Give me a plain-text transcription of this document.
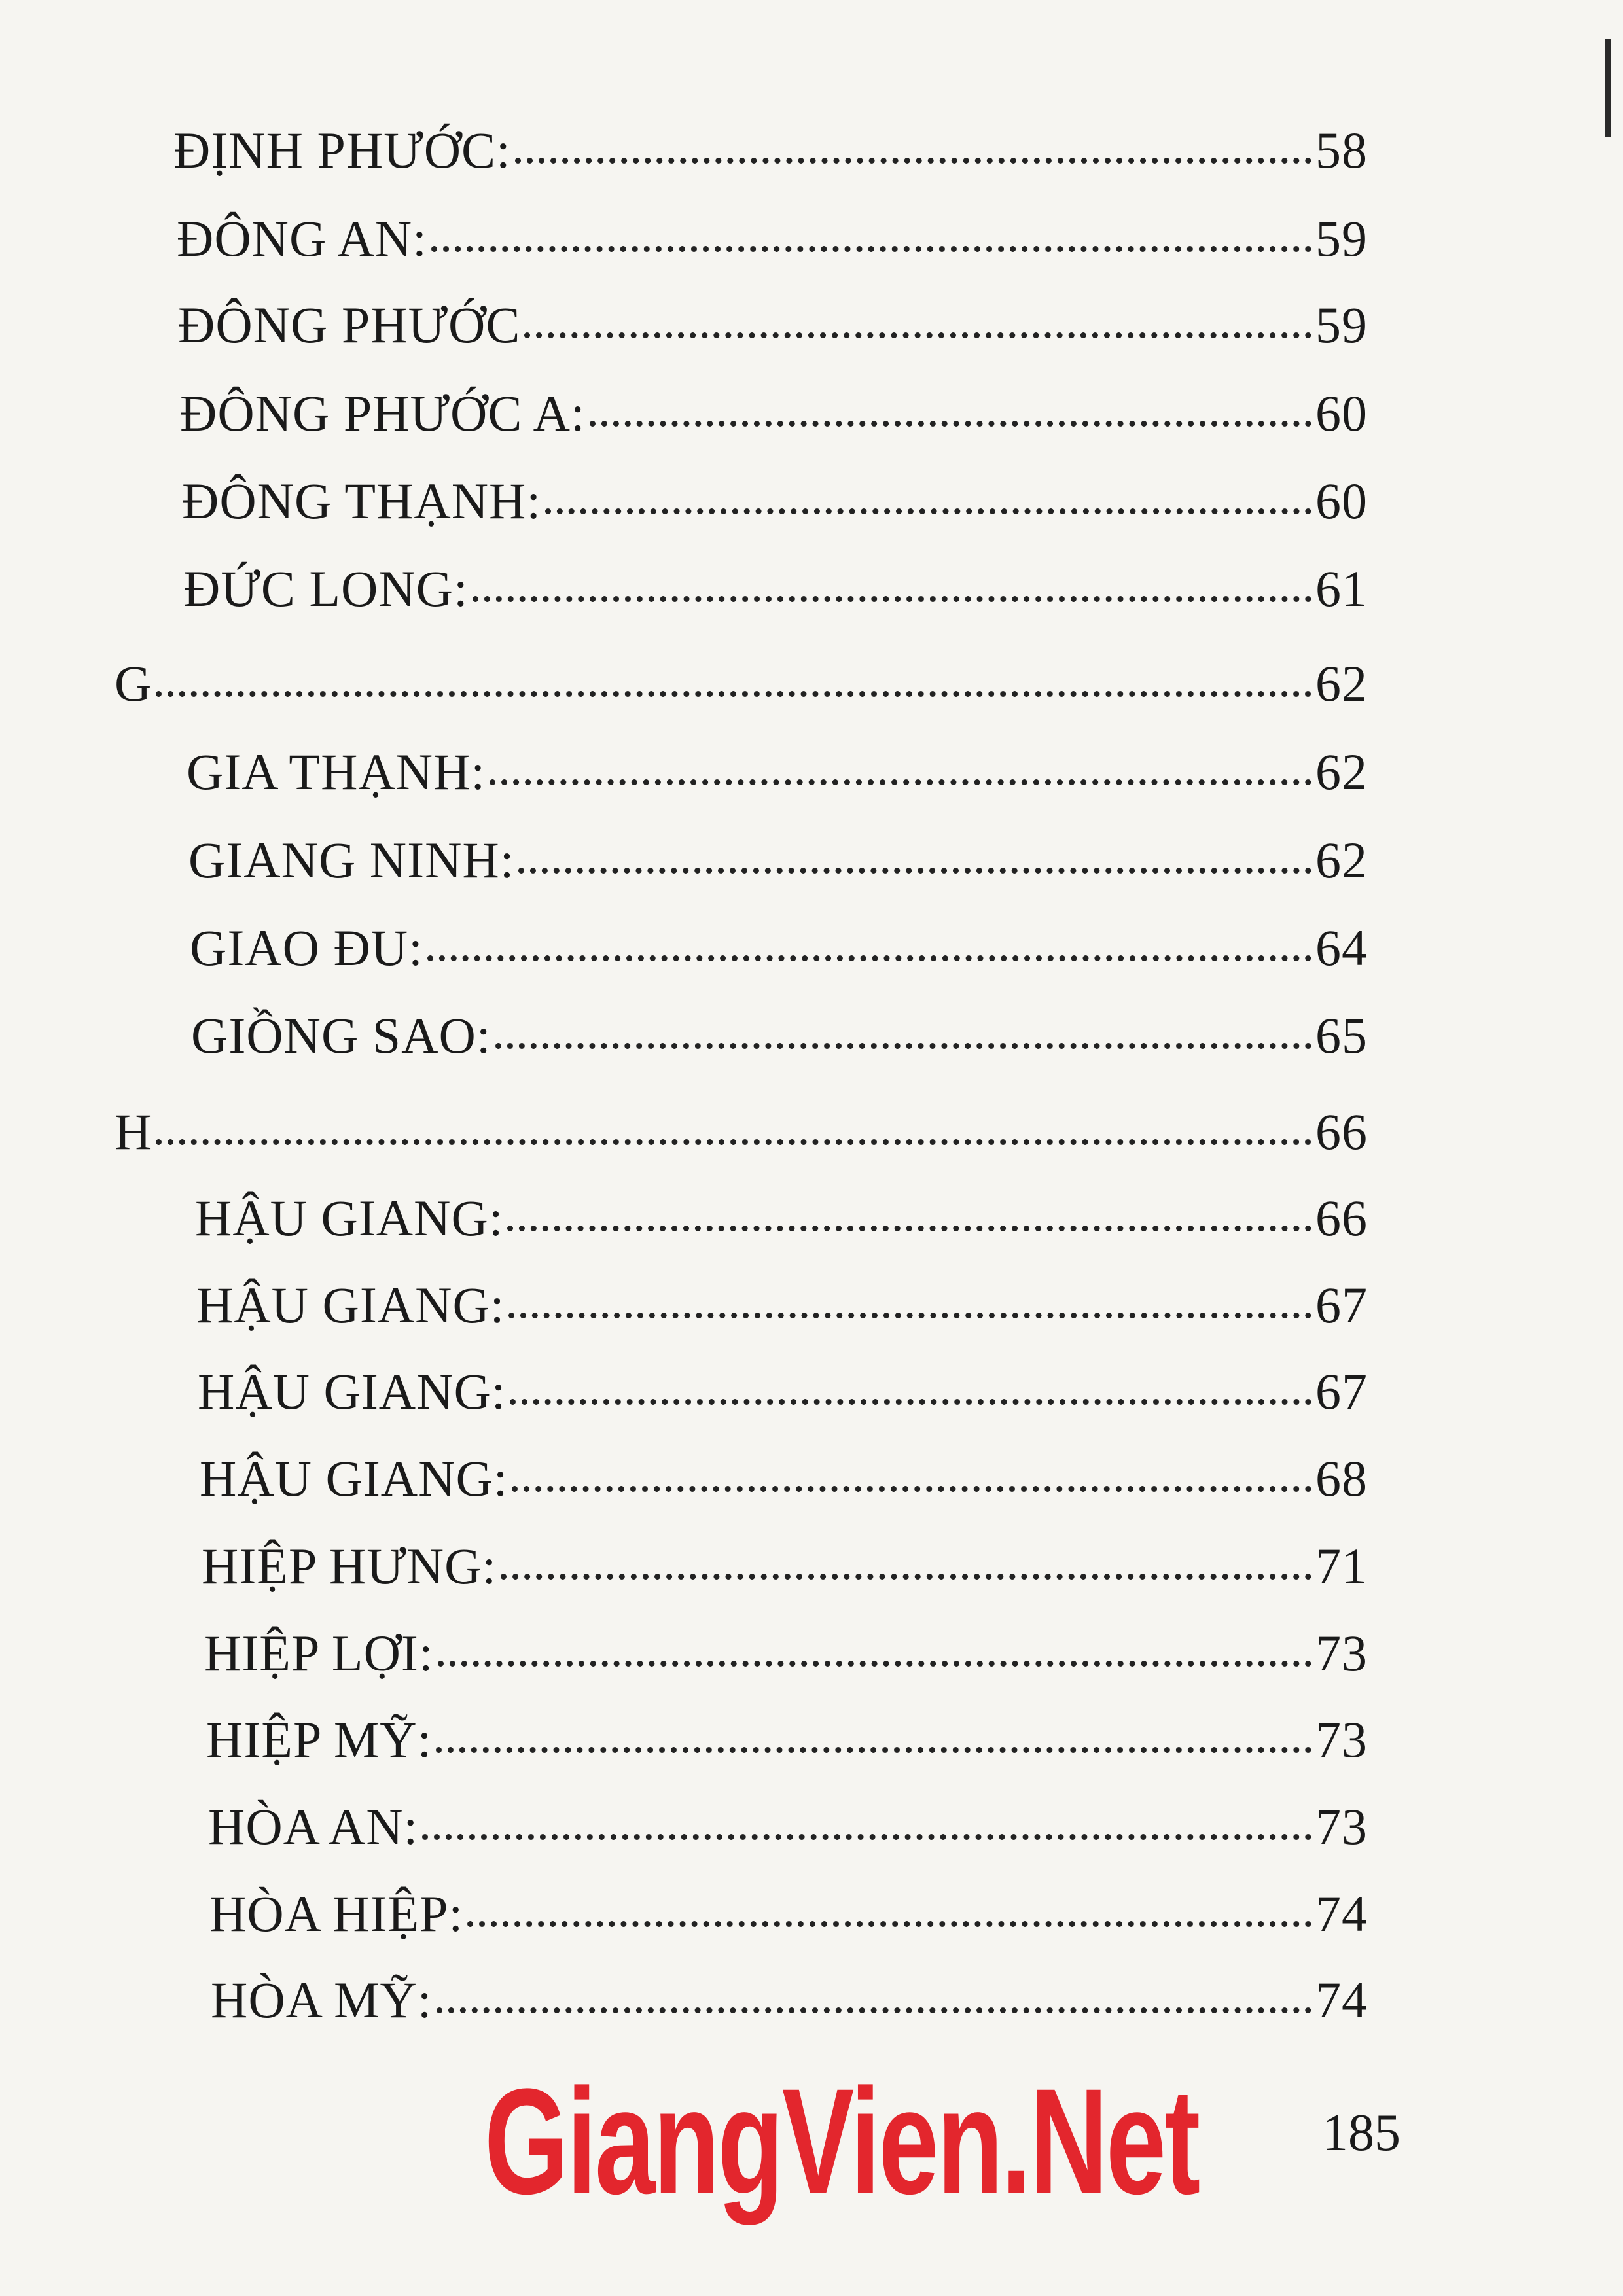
ĐỊNH PHƯỚC:	58
ĐÔNG AN:	59
ĐÔNG PHƯỚC	59
ĐÔNG PHƯỚC A:	60
ĐÔNG THẠNH:	60
ĐỨC LONG:	61
G	62
GIA THẠNH:	62
GIANG NINH:	62
GIAO ĐU:	64
GIỒNG SAO:	65
H	66
HẬU GIANG:	66
HẬU GIANG:	67
HẬU GIANG:	67
HẬU GIANG:	68
HIỆP HƯNG:	71
HIỆP LỢI:	73
HIỆP MỸ:	73
HÒA AN:	73
HÒA HIỆP:	74
HÒA MỸ:	74
GiangVien.Net 185
